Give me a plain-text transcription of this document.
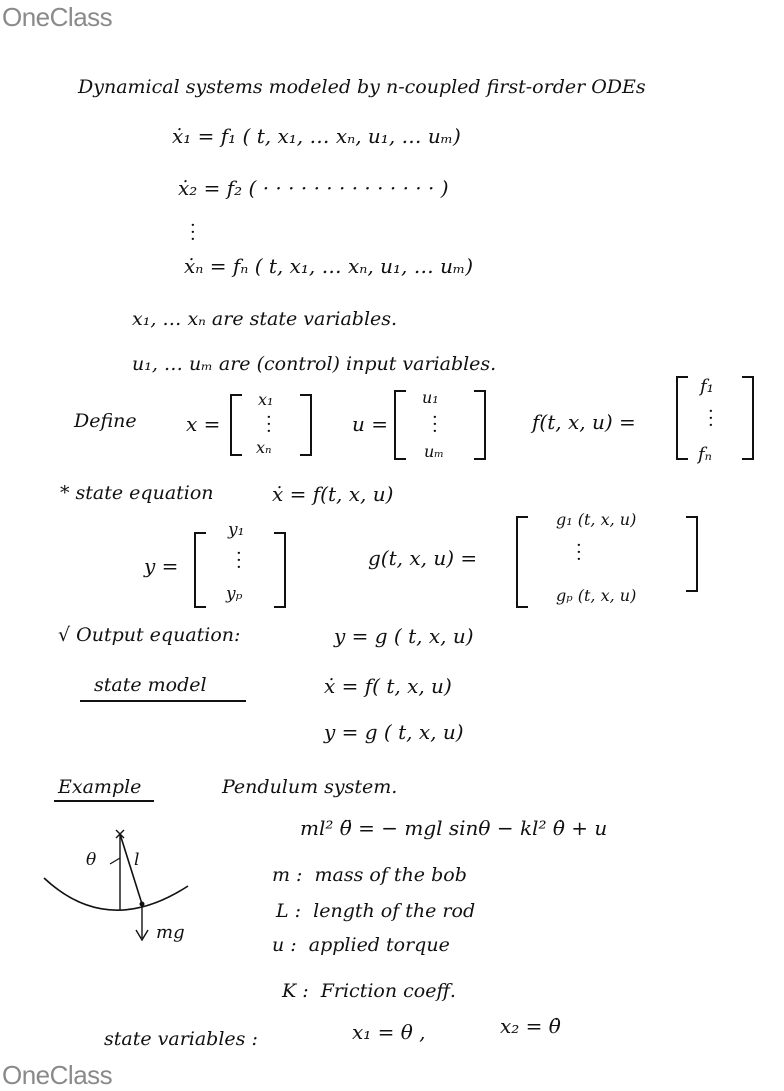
OneClass
Dynamical systems modeled by n-coupled first-order ODEs
ẋ₁ = f₁ ( t, x₁, … xₙ, u₁, … uₘ)
ẋ₂ = f₂ ( · · · · · · · · · · · · · · )
·
·
·
ẋₙ = fₙ ( t, x₁, … xₙ, u₁, … uₘ)
x₁, … xₙ are state variables.
u₁, … uₘ are (control) input variables.
Define x =
x₁
·
·
·
xₙ
u =
u₁
·
·
·
uₘ
f(t, x, u) =
f₁
·
·
·
fₙ
* state equation	ẋ = f(t, x, u)
y =
y₁
·
·
·
yₚ
g(t, x, u) =
g₁ (t, x, u)
·
·
·
gₚ (t, x, u)
√ Output equation:	y = g ( t, x, u)
state model	ẋ = f( t, x, u)
y = g ( t, x, u)
Example	Pendulum system.
ml² θ̈ = − mgl sinθ − kl² θ̇ + u
θ l
mg
m :  mass of the bob
L :  length of the rod
u :  applied torque
K :  Friction coeff.
state variables :	x₁ = θ ,	x₂ = θ̇
OneClass
